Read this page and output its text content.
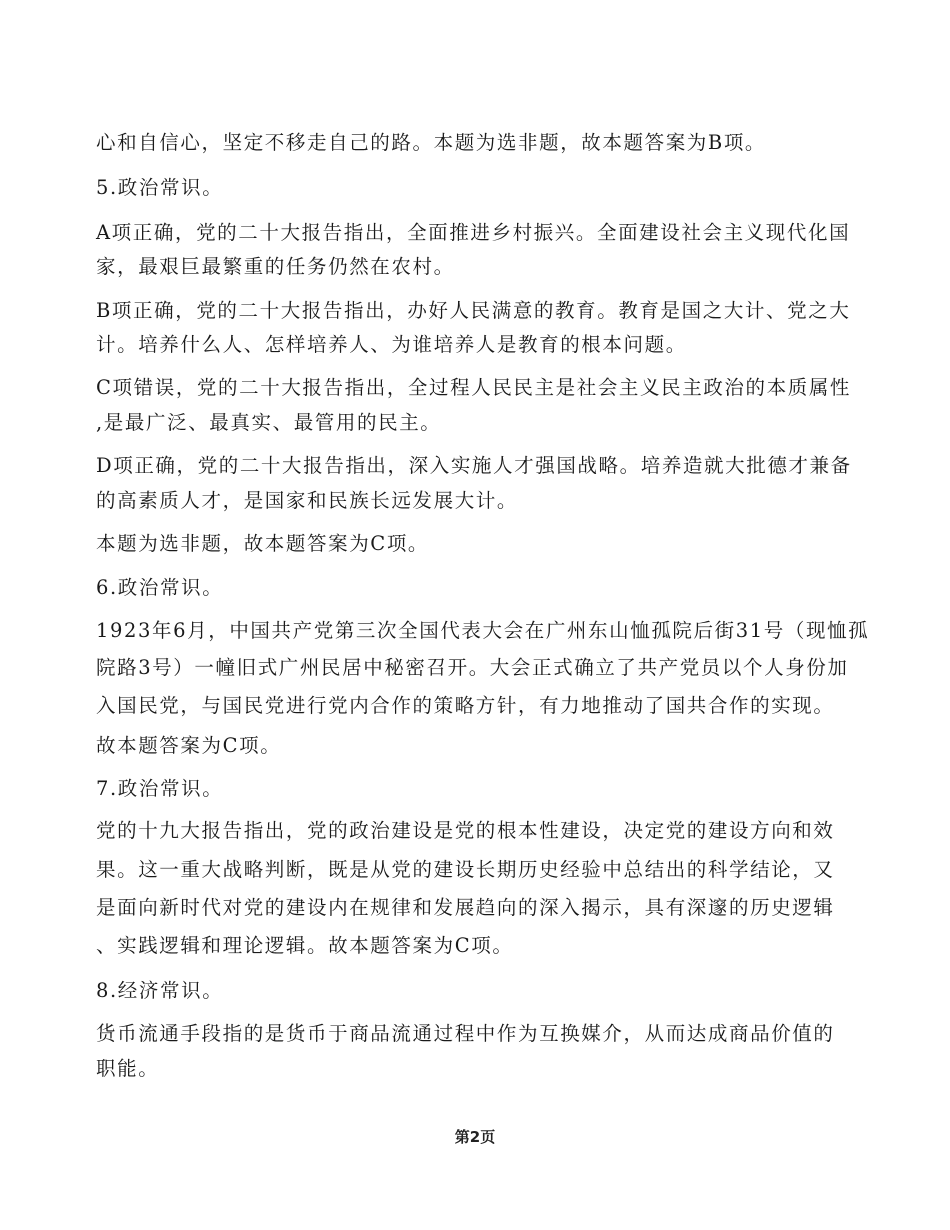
心和自信心，坚定不移走自己的路。本题为选非题，故本题答案为B项。
5.政治常识。
A项正确，党的二十大报告指出，全面推进乡村振兴。全面建设社会主义现代化国
家，最艰巨最繁重的任务仍然在农村。
B项正确，党的二十大报告指出，办好人民满意的教育。教育是国之大计、党之大
计。培养什么人、怎样培养人、为谁培养人是教育的根本问题。
C项错误，党的二十大报告指出，全过程人民民主是社会主义民主政治的本质属性
,是最广泛、最真实、最管用的民主。
D项正确，党的二十大报告指出，深入实施人才强国战略。培养造就大批德才兼备
的高素质人才，是国家和民族长远发展大计。
本题为选非题，故本题答案为C项。
6.政治常识。
1923年6月，中国共产党第三次全国代表大会在广州东山恤孤院后街31号（现恤孤
院路3号）一幢旧式广州民居中秘密召开。大会正式确立了共产党员以个人身份加
入国民党，与国民党进行党内合作的策略方针，有力地推动了国共合作的实现。
故本题答案为C项。
7.政治常识。
党的十九大报告指出，党的政治建设是党的根本性建设，决定党的建设方向和效
果。这一重大战略判断，既是从党的建设长期历史经验中总结出的科学结论，又
是面向新时代对党的建设内在规律和发展趋向的深入揭示，具有深邃的历史逻辑
、实践逻辑和理论逻辑。故本题答案为C项。
8.经济常识。
货币流通手段指的是货币于商品流通过程中作为互换媒介，从而达成商品价值的
职能。
第2页
